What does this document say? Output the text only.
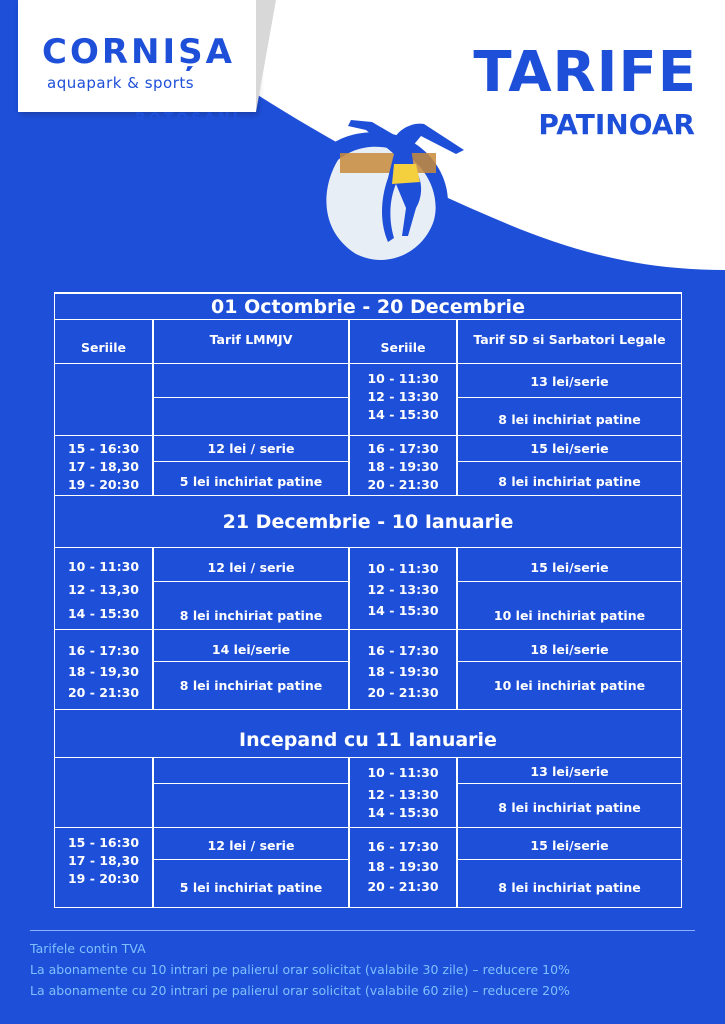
CORNIȘA
aquapark & sports
BOTOȘANI
TARIFE
PATINOAR
01 Octombrie - 20 Decembrie
Seriile
Tarif LMMJV
Seriile
Tarif SD si Sarbatori Legale
10 - 11:30
12 - 13:30
14 - 15:30
13 lei/serie
8 lei inchiriat patine
15 - 16:30
17 - 18,30
19 - 20:30
12 lei / serie
5 lei inchiriat patine
16 - 17:30
18 - 19:30
20 - 21:30
15 lei/serie
8 lei inchiriat patine
21 Decembrie - 10 Ianuarie
10 - 11:30
12 - 13,30
14 - 15:30
12 lei / serie
8 lei inchiriat patine
10 - 11:30
12 - 13:30
14 - 15:30
15 lei/serie
10 lei inchiriat patine
16 - 17:30
18 - 19,30
20 - 21:30
14 lei/serie
8 lei inchiriat patine
16 - 17:30
18 - 19:30
20 - 21:30
18 lei/serie
10 lei inchiriat patine
Incepand cu 11 Ianuarie
10 - 11:30
12 - 13:30
14 - 15:30
13 lei/serie
8 lei inchiriat patine
15 - 16:30
17 - 18,30
19 - 20:30
12 lei / serie
5 lei inchiriat patine
16 - 17:30
18 - 19:30
20 - 21:30
15 lei/serie
8 lei inchiriat patine
Tarifele contin TVA
La abonamente cu 10 intrari pe palierul orar solicitat (valabile 30 zile) – reducere 10%
La abonamente cu 20 intrari pe palierul orar solicitat (valabile 60 zile) – reducere 20%
